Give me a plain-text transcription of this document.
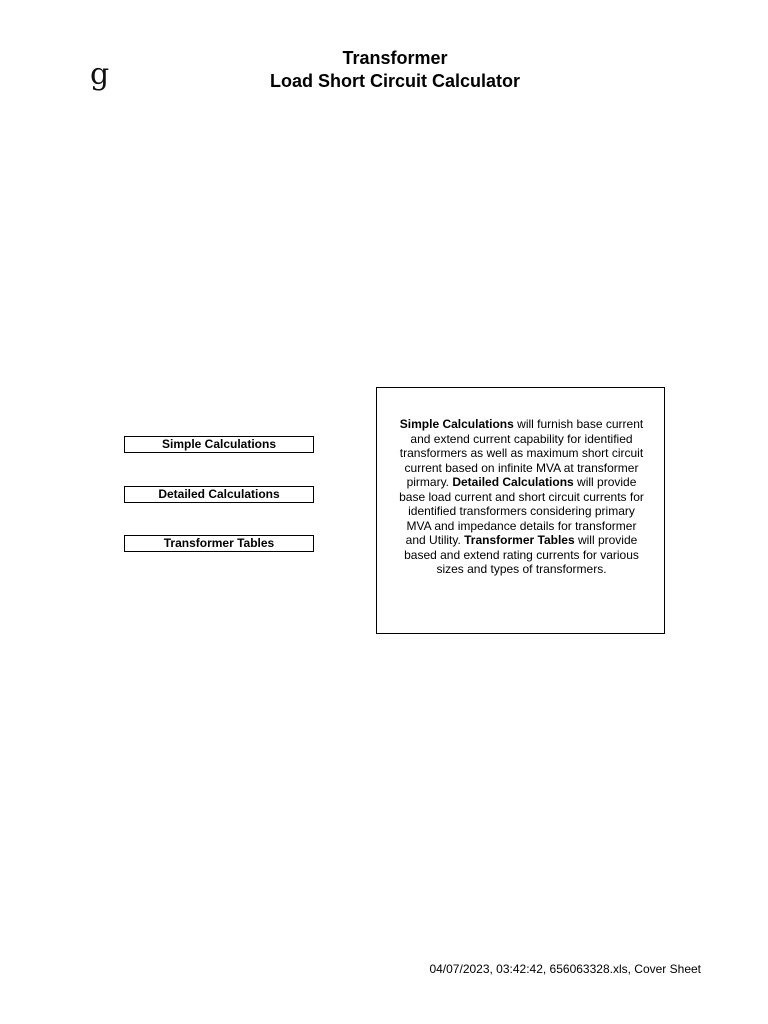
g	Transformer
Load Short Circuit Calculator
Simple Calculations
Detailed Calculations
Transformer Tables
Simple Calculations will furnish base current and extend current capability for identified transformers as well as maximum short circuit current based on infinite MVA at transformer pirmary. Detailed Calculations will provide base load current and short circuit currents for identified transformers considering primary MVA and impedance details for transformer and Utility. Transformer Tables will provide based and extend rating currents for various sizes and types of transformers.
04/07/2023, 03:42:42, 656063328.xls, Cover Sheet
